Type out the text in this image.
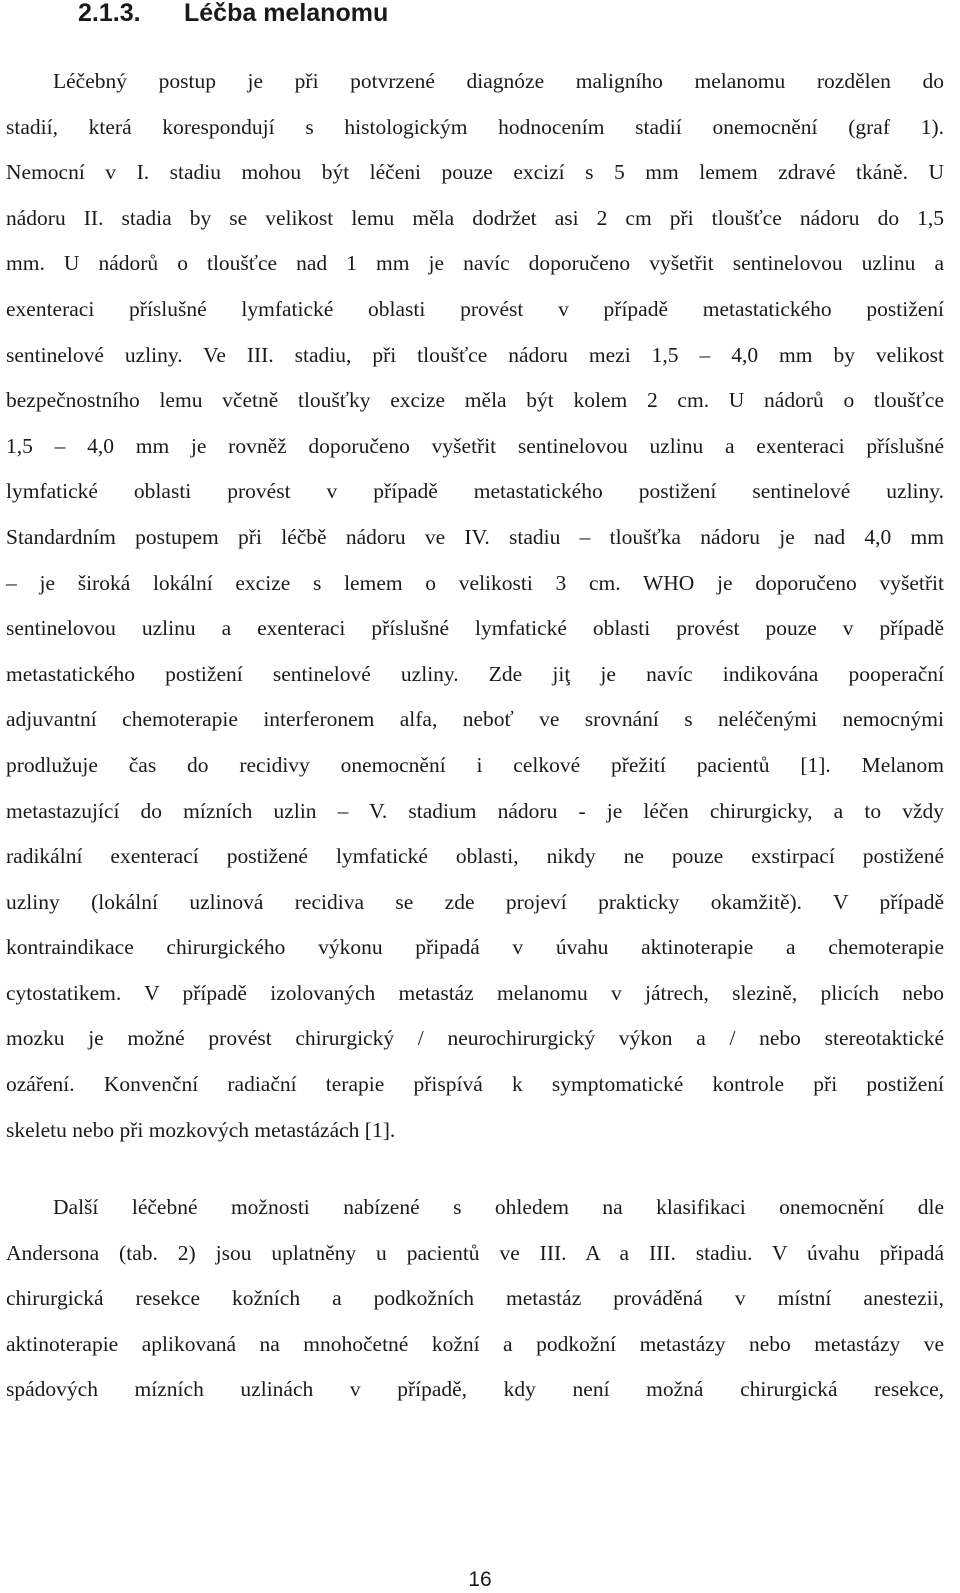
2.1.3. Léčba melanomu
Léčebný postup je při potvrzené diagnóze maligního melanomu rozdělen do
stadií, která korespondují s histologickým hodnocením stadií onemocnění (graf 1).
Nemocní v I. stadiu mohou být léčeni pouze excizí s 5 mm lemem zdravé tkáně. U
nádoru II. stadia by se velikost lemu měla dodržet asi 2 cm při tloušťce nádoru do 1,5
mm. U nádorů o tloušťce nad 1 mm je navíc doporučeno vyšetřit sentinelovou uzlinu a
exenteraci příslušné lymfatické oblasti provést v případě metastatického postižení
sentinelové uzliny. Ve III. stadiu, při tloušťce nádoru mezi 1,5 – 4,0 mm by velikost
bezpečnostního lemu včetně tloušťky excize měla být kolem 2 cm. U nádorů o tloušťce
1,5 – 4,0 mm je rovněž doporučeno vyšetřit sentinelovou uzlinu a exenteraci příslušné
lymfatické oblasti provést v případě metastatického postižení sentinelové uzliny.
Standardním postupem při léčbě nádoru ve IV. stadiu – tloušťka nádoru je nad 4,0 mm
– je široká lokální excize s lemem o velikosti 3 cm. WHO je doporučeno vyšetřit
sentinelovou uzlinu a exenteraci příslušné lymfatické oblasti provést pouze v případě
metastatického postižení sentinelové uzliny. Zde jiţ je navíc indikována pooperační
adjuvantní chemoterapie interferonem alfa, neboť ve srovnání s neléčenými nemocnými
prodlužuje čas do recidivy onemocnění i celkové přežití pacientů [1]. Melanom
metastazující do mízních uzlin – V. stadium nádoru - je léčen chirurgicky, a to vždy
radikální exenterací postižené lymfatické oblasti, nikdy ne pouze exstirpací postižené
uzliny (lokální uzlinová recidiva se zde projeví prakticky okamžitě). V případě
kontraindikace chirurgického výkonu připadá v úvahu aktinoterapie a chemoterapie
cytostatikem. V případě izolovaných metastáz melanomu v játrech, slezině, plicích nebo
mozku je možné provést chirurgický / neurochirurgický výkon a / nebo stereotaktické
ozáření. Konvenční radiační terapie přispívá k symptomatické kontrole při postižení
skeletu nebo při mozkových metastázách [1].
Další léčebné možnosti nabízené s ohledem na klasifikaci onemocnění dle
Andersona (tab. 2) jsou uplatněny u pacientů ve III. A a III. stadiu. V úvahu připadá
chirurgická resekce kožních a podkožních metastáz prováděná v místní anestezii,
aktinoterapie aplikovaná na mnohočetné kožní a podkožní metastázy nebo metastázy ve
spádových mízních uzlinách v případě, kdy není možná chirurgická resekce,
16
